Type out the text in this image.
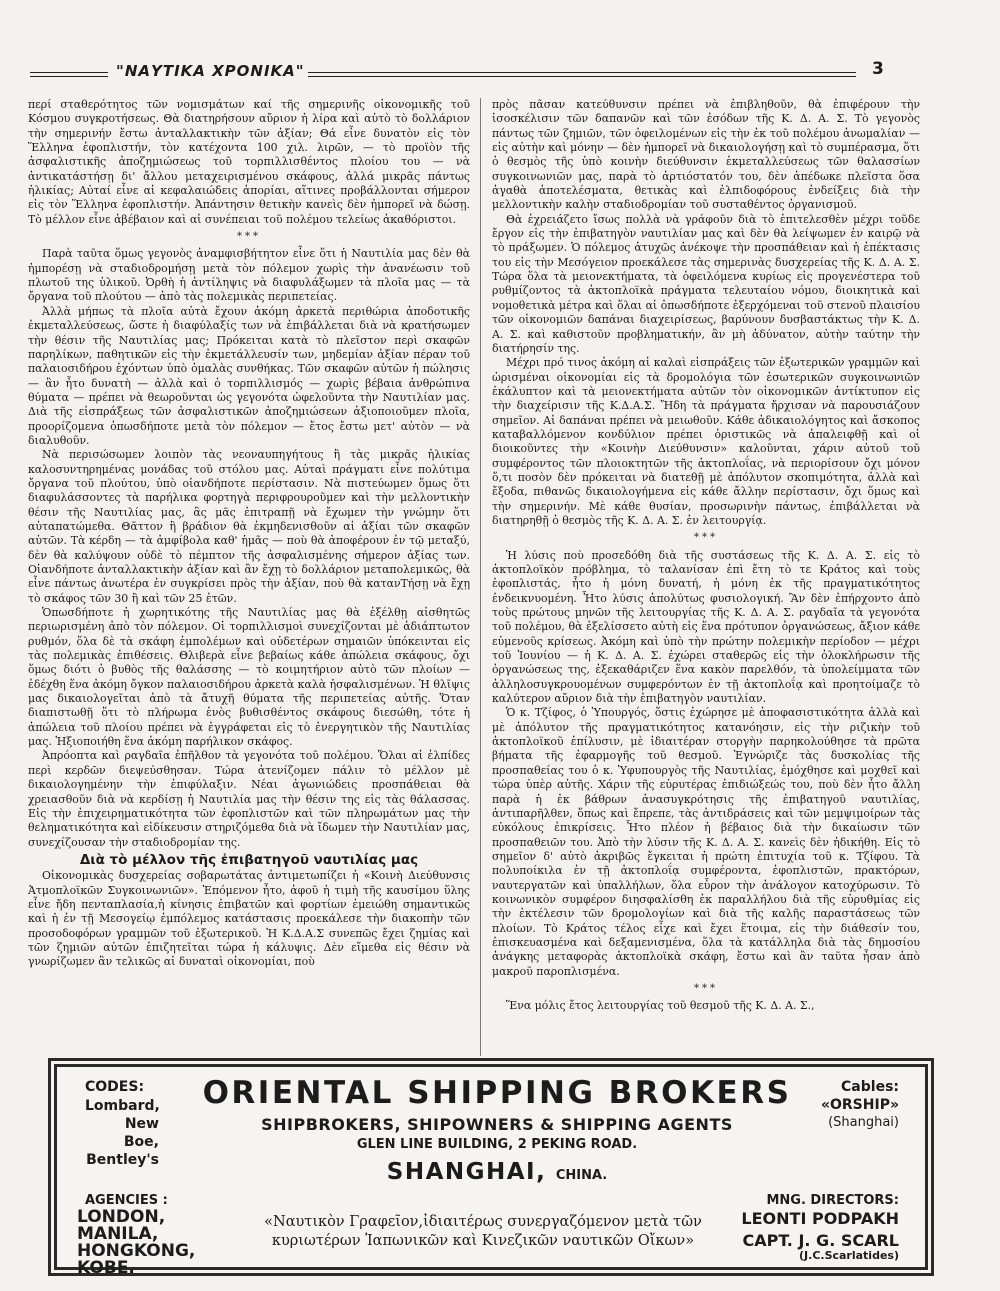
"ΝΑΥΤΙΚΑ ΧΡΟΝΙΚΑ"	3

περί σταθερότητος τῶν νομισμάτων καί τῆς σημερινῆς οἰκονομικῆς τοῦ Κόσμου συγκροτήσεως. Θὰ διατηρήσουν αὔριον ἡ λίρα καὶ αὐτὸ τὸ δολλάριον τὴν σημερινήν ἔστω ἀνταλλακτικὴν τῶν ἀξίαν; Θά εἶνε δυνατὸν εἰς τὸν Ἕλληνα ἐφοπλιστήν, τὸν κατέχοντα 100 χιλ. λιρῶν, — τὸ προϊὸν τῆς ἀσφαλιστικῆς ἀποζημιώσεως τοῦ τορπιλλισθέντος πλοίου του — νὰ ἀντικατάστήσῃ δι' ἄλλου μεταχειρισμένου σκάφους, ἀλλά μικρᾶς πάντως ἡλικίας; Αὐταί εἶνε αἱ κεφαλαιώδεις ἀπορίαι, αἵτινες προβάλλονται σήμερον εἰς τὸν Ἕλληνα ἐφοπλιστήν. Ἀπάντησιν θετικὴν κανεὶς δὲν ἠμπορεῖ νὰ δώσῃ. Τὸ μέλλον εἶνε ἀβέβαιον καὶ αἱ συνέπειαι τοῦ πολέμου τελείως ἀκαθόριστοι.

***

Παρὰ ταῦτα ὅμως γεγονὸς ἀναμφισβήτητον εἶνε ὅτι ἡ Ναυτιλία μας δὲν θὰ ἠμπορέσῃ νὰ σταδιοδρομήσῃ μετὰ τὸν πόλεμον χωρὶς τὴν ἀνανέωσιν τοῦ πλωτοῦ της ὑλικοῦ. Ὀρθὴ ἡ ἀντίληψις νὰ διαφυλάξωμεν τὰ πλοῖα μας — τὰ ὄργανα τοῦ πλούτου — ἀπὸ τὰς πολεμικὰς περιπετείας.

Ἀλλὰ μήπως τὰ πλοῖα αὐτὰ ἔχουν ἀκόμη ἀρκετὰ περιθώρια ἀποδοτικῆς ἐκμεταλλεύσεως, ὥστε ἡ διαφύλαξίς των νὰ ἐπιβάλλεται διὰ νὰ κρατήσωμεν τὴν θέσιν τῆς Ναυτιλίας μας; Πρόκειται κατὰ τὸ πλεῖστον περὶ σκαφῶν παρηλίκων, παθητικῶν εἰς τὴν ἐκμετάλλευσίν των, μηδεμίαν ἀξίαν πέραν τοῦ παλαιοσιδήρου ἐχόντων ὑπὸ ὁμαλὰς συνθήκας. Τῶν σκαφῶν αὐτῶν ἡ πώλησις — ἂν ἦτο δυνατὴ — ἀλλὰ καὶ ὁ τορπιλλισμός — χωρὶς βέβαια ἀνθρώπινα θύματα — πρέπει νὰ θεωροῦνται ὡς γεγονότα ὠφελοῦντα τὴν Ναυτιλίαν μας. Διὰ τῆς εἰσπράξεως τῶν ἀσφαλιστικῶν ἀποζημιώσεων ἀξιοποιοῦμεν πλοῖα, προορίζομενα ὁπωσδήποτε μετὰ τὸν πόλεμον — ἔτος ἔστω μετ' αὐτὸν — νὰ διαλυθοῦν.

Νὰ περισώσωμεν λοιπὸν τὰς νεοναυπηγήτους ἢ τὰς μικρᾶς ἡλικίας καλοσυντηρημένας μονάδας τοῦ στόλου μας. Αὐταὶ πράγματι εἶνε πολύτιμα ὄργανα τοῦ πλούτου, ὑπὸ οἱανδήποτε περίστασιν. Νὰ πιστεύωμεν ὅμως ὅτι διαφυλάσσοντες τὰ παρήλικα φορτηγὰ περιφρουροῦμεν καὶ τὴν μελλοντικὴν θέσιν τῆς Ναυτιλίας μας, ἂς μᾶς ἐπιτραπῇ νὰ ἔχωμεν τὴν γνώμην ὅτι αὐταπατώμεθα. Θᾶττον ἢ βράδιον θὰ ἐκμηδενισθοῦν αἱ ἀξίαι τῶν σκαφῶν αὐτῶν. Τὰ κέρδη — τὰ ἀμφίβολα καθ' ἡμᾶς — ποὺ θὰ ἀποφέρουν ἐν τῷ μεταξύ, δὲν θὰ καλύψουν οὐδὲ τὸ πέμπτον τῆς ἀσφαλισμένης σήμερον ἀξίας των. Οἱανδήποτε ἀνταλλακτικὴν ἀξίαν καὶ ἂν ἔχῃ τὸ δολλάριον μεταπολεμικῶς, θὰ εἶνε πάντως ἀνωτέρα ἐν συγκρίσει πρὸς τὴν ἀξίαν, ποὺ θὰ κατανTήσῃ νὰ ἔχῃ τὸ σκάφος τῶν 30 ἢ καὶ τῶν 25 ἐτῶν.

Ὁπωσδήποτε ἡ χωρητικότης τῆς Ναυτιλίας μας θὰ ἐξέλθῃ αἰσθητῶς περιωρισμένη ἀπὸ τὸν πόλεμον. Οἱ τορπιλλισμοὶ συνεχίζονται μὲ ἀδιάπτωτον ρυθμόν, ὅλα δὲ τὰ σκάφη ἐμπολέμων καὶ οὐδετέρων σημαιῶν ὑπόκεινται εἰς τὰς πολεμικὰς ἐπιθέσεις. Θλιβερὰ εἶνε βεβαίως κάθε ἀπώλεια σκάφους, ὄχι ὅμως διότι ὁ βυθὸς τῆς θαλάσσης — τὸ κοιμητήριον αὐτὸ τῶν πλοίων — ἐδέχθη ἕνα ἀκόμη ὄγκον παλαιοσιδήρου ἀρκετὰ καλὰ ἠσφαλισμένων. Ἡ θλῖψις μας δικαιολογεῖται ἀπὸ τὰ ἄτυχῆ θύματα τῆς περιπετείας αὐτῆς. Ὅταν διαπιστωθῇ ὅτι τὸ πλήρωμα ἑνὸς βυθισθέντος σκάφους διεσώθη, τότε ἡ ἀπώλεια τοῦ πλοίου πρέπει νὰ ἐγγράφεται εἰς τὸ ἐνεργητικὸν τῆς Ναυτιλίας μας. Ἡξιοποιήθη ἕνα ἀκόμη παρήλικον σκάφος.

Ἀπρόοπτα καὶ ραγδαῖα ἐπῆλθον τὰ γεγονότα τοῦ πολέμου. Ὅλαι αἱ ἐλπίδες περὶ κερδῶν διεψεύσθησαν. Τώρα ἀτενίζομεν πάλιν τὸ μέλλον μὲ δικαιολογημένην τὴν ἐπιφύλαξιν. Νέαι ἀγωνιώδεις προσπάθειαι θὰ χρειασθοῦν διὰ νὰ κερδίσῃ ἡ Ναυτιλία μας τὴν θέσιν της εἰς τὰς θάλασσας. Εἰς τὴν ἐπιχειρηματικότητα τῶν ἐφοπλιστῶν καὶ τῶν πληρωμάτων μας τὴν θεληματικότητα καὶ εἰδίκευσιν στηριζόμεθα διὰ νὰ ἴδωμεν τὴν Ναυτιλίαν μας, συνεχίζουσαν τὴν σταδιοδρομίαν της.

Διὰ τὸ μέλλον τῆς ἐπιβατηγοῦ ναυτιλίας μας

Οἰκονομικὰς δυσχερείας σοβαρωτάτας ἀντιμετωπίζει ἡ «Κοινὴ Διεύθυνσις Ἀτμοπλοϊκῶν Συγκοινωνιῶν». Ἐπόμενον ἦτο, ἀφοῦ ἡ τιμὴ τῆς καυσίμου ὕλης εἶνε ἤδη πενταπλασία,ἡ κίνησις ἐπιβατῶν καὶ φορτίων ἐμειώθη σημαντικῶς καὶ ἡ ἐν τῇ Μεσογείῳ ἐμπόλεμος κατάστασις προεκάλεσε τὴν διακοπὴν τῶν προσοδοφόρων γραμμῶν τοῦ ἐξωτερικοῦ. Ἡ Κ.Δ.Α.Σ συνεπῶς ἔχει ζημίας καὶ τῶν ζημιῶν αὐτῶν ἐπιζητεῖται τώρα ἡ κάλυψις. Δὲν εἴμεθα εἰς θέσιν νὰ γνωρίζωμεν ἂν τελικῶς αἱ δυναταὶ οἰκονομίαι, ποὺ

πρὸς πᾶσαν κατεύθυνσιν πρέπει νὰ ἐπιβληθοῦν, θὰ ἐπιφέρουν τὴν ἰσοσκέλισιν τῶν δαπανῶν καὶ τῶν ἐσόδων τῆς Κ. Δ. Α. Σ. Τὸ γεγονὸς πάντως τῶν ζημιῶν, τῶν ὀφειλομένων εἰς τὴν ἐκ τοῦ πολέμου ἀνωμαλίαν — εἰς αὐτὴν καὶ μόνην — δὲν ἠμπορεῖ νὰ δικαιολογήσῃ καὶ τὸ συμπέρασμα, ὅτι ὁ θεσμὸς τῆς ὑπὸ κοινὴν διεύθυνσιν ἐκμεταλλεύσεως τῶν θαλασσίων συγκοινωνιῶν μας, παρὰ τὸ ἀρτιόστατόν του, δὲν ἀπέδωκε πλεῖστα ὅσα ἀγαθὰ ἀποτελέσματα, θετικὰς καὶ ἐλπιδοφόρους ἐνδείξεις διὰ τὴν μελλοντικὴν καλὴν σταδιοδρομίαν τοῦ συσταθέντος ὀργανισμοῦ.

Θὰ ἐχρειάζετο ἴσως πολλὰ νὰ γράφοῦν διὰ τὸ ἐπιτελεσθὲν μέχρι τοῦδε ἔργον εἰς τὴν ἐπιβατηγὸν ναυτιλίαν μας καὶ δὲν θὰ λείψωμεν ἐν καιρῷ νὰ τὸ πράξωμεν. Ὁ πόλεμος ἀτυχῶς ἀνέκοψε τὴν προσπάθειαν καὶ ἡ ἐπέκτασις του εἰς τὴν Μεσόγειον προεκάλεσε τὰς σημερινὰς δυσχερείας τῆς Κ. Δ. Α. Σ. Τώρα ὅλα τὰ μειονεκτήματα, τὰ ὀφειλόμενα κυρίως εἰς προγενέστερα τοῦ ρυθμίζοντος τὰ ἀκτοπλοϊκὰ πράγματα τελευταίου νόμου, διοικητικὰ καὶ νομοθετικὰ μέτρα καὶ ὅλαι αἱ ὁπωσδήποτε ἐξερχόμεναι τοῦ στενοῦ πλαισίου τῶν οἰκονομιῶν δαπάναι διαχειρίσεως, βαρύνουν δυσβαστάκτως τὴν Κ. Δ. Α. Σ. καὶ καθιστοῦν προβληματικήν, ἂν μὴ ἀδύνατον, αὐτὴν ταύτην τὴν διατήρησίν της.

Μέχρι πρό τινος ἀκόμη αἱ καλαὶ εἰσπράξεις τῶν ἐξωτερικῶν γραμμῶν καὶ ὡρισμέναι οἰκονομίαι εἰς τὰ δρομολόγια τῶν ἐσωτερικῶν συγκοινωνιῶν ἐκάλυπτον καὶ τὰ μειονεκτήματα αὐτῶν τὸν οἰκονομικῶν ἀντίκτυπον εἰς τὴν διαχείρισιν τῆς Κ.Δ.Α.Σ. Ἤδη τὰ πράγματα ἤρχισαν νὰ παρουσιάζουν σημεῖον. Αἱ δαπάναι πρέπει νὰ μειωθοῦν. Κάθε ἀδικαιολόγητος καὶ ἄσκοπος καταβαλλόμενον κονδύλιον πρέπει ὁριστικῶς νὰ ἀπαλειφθῇ καὶ οἱ διοικοῦντες τὴν «Κοινὴν Διεύθυνσιν» καλοῦνται, χάριν αὐτοῦ τοῦ συμφέροντος τῶν πλοιοκτητῶν τῆς ἀκτοπλοΐας, νὰ περιορίσουν ὄχι μόνον ὅ,τι ποσὸν δὲν πρόκειται νὰ διατεθῇ μὲ ἀπόλυτον σκοπιμότητα, ἀλλὰ καὶ ἔξοδα, πιθανῶς δικαιολογήμενα εἰς κάθε ἄλλην περίστασιν, ὄχι ὅμως καὶ τὴν σημερινήν. Μὲ κάθε θυσίαν, προσωρινὴν πάντως, ἐπιβάλλεται νὰ διατηρηθῇ ὁ θεσμὸς τῆς Κ. Δ. Α. Σ. ἐν λειτουργίᾳ.

***

Ἡ λύσις ποὺ προσεδόθη διὰ τῆς συστάσεως τῆς Κ. Δ. Α. Σ. εἰς τὸ ἀκτοπλοϊκὸν πρόβλημα, τὸ ταλανίσαν ἐπὶ ἔτη τὸ τε Κράτος καὶ τοὺς ἐφοπλιστάς, ἦτο ἡ μόνη δυνατή, ἡ μόνη ἐκ τῆς πραγματικότητος ἐνδεικνυομένη. Ἦτο λύσις ἀπολύτως φυσιολογική. Ἂν δὲν ἐπήρχοντο ἀπὸ τοὺς πρώτους μηνῶν τῆς λειτουργίας τῆς Κ. Δ. Α. Σ. ραγδαῖα τὰ γεγονότα τοῦ πολέμου, θὰ ἐξελίσσετο αὐτὴ εἰς ἕνα πρότυπον ὀργανώσεως, ἄξιον κάθε εὐμενοῦς κρίσεως. Ἀκόμη καὶ ὑπὸ τὴν πρώτην πολεμικὴν περίοδον — μέχρι τοῦ Ἰουνίου — ἡ Κ. Δ. Α. Σ. ἐχώρει σταθερῶς εἰς τὴν ὁλοκλήρωσιν τῆς ὀργανώσεως της, ἐξεκαθάριζεν ἕνα κακὸν παρελθόν, τὰ ὑπολείμματα τῶν ἀλληλοσυγκρουομένων συμφερόντων ἐν τῇ ἀκτοπλοΐᾳ καὶ προητοίμαζε τὸ καλύτερον αὔριον διὰ τὴν ἐπιβατηγὸν ναυτιλίαν.

Ὁ κ. Τζίφος, ὁ Ὑπουργός, ὅστις ἐχώρησε μὲ ἀποφασιστικότητα ἀλλὰ καὶ μὲ ἀπόλυτον τῆς πραγματικότητος κατανόησιν, εἰς τὴν ριζικὴν τοῦ ἀκτοπλοϊκοῦ ἐπίλυσιν, μὲ ἰδιαιτέραν στοργὴν παρηκολούθησε τὰ πρῶτα βήματα τῆς ἐφαρμογῆς τοῦ θεσμοῦ. Ἐγνώριζε τὰς δυσκολίας τῆς προσπαθείας του ὁ κ. Ὑφυπουργὸς τῆς Ναυτιλίας, ἐμόχθησε καὶ μοχθεῖ καὶ τώρα ὑπὲρ αὐτῆς. Χάριν τῆς εὐρυτέρας ἐπιδιώξεώς του, ποὺ δὲν ἦτο ἄλλη παρὰ ἡ ἐκ βάθρων ἀνασυγκρότησις τῆς ἐπιβατηγοῦ ναυτιλίας, ἀντιπαρῆλθεν, ὅπως καὶ ἔπρεπε, τὰς ἀντιδράσεις καὶ τῶν μεμψιμοίρων τὰς εὐκόλους ἐπικρίσεις. Ἦτο πλέον ἡ βέβαιος διὰ τὴν δικαίωσιν τῶν προσπαθειῶν του. Ἀπὸ τὴν λύσιν τῆς Κ. Δ. Α. Σ. κανεὶς δὲν ἠδικήθη. Εἰς τὸ σημεῖον δ' αὐτὸ ἀκριβῶς ἔγκειται ἡ πρώτη ἐπιτυχία τοῦ κ. Τζίφου. Τὰ πολυποίκιλα ἐν τῇ ἀκτοπλοΐᾳ συμφέροντα, ἐφοπλιστῶν, πρακτόρων, ναυτεργατῶν καὶ ὑπαλλήλων, ὅλα εὗρον τὴν ἀνάλογον κατοχύρωσιν. Τὸ κοινωνικὸν συμφέρον διησφαλίσθη ἐκ παραλλήλου διὰ τῆς εὐρυθμίας εἰς τὴν ἐκτέλεσιν τῶν δρομολογίων καὶ διὰ τῆς καλῆς παραστάσεως τῶν πλοίων. Τὸ Κράτος τέλος εἶχε καὶ ἔχει ἕτοιμα, εἰς τὴν διάθεσίν του, ἐπισκευασμένα καὶ δεξαμενισμένα, ὅλα τὰ κατάλληλα διὰ τὰς δημοσίου ἀνάγκης μεταφορὰς ἀκτοπλοϊκὰ σκάφη, ἔστω καὶ ἂν ταῦτα ἦσαν ἀπὸ μακροῦ παροπλισμένα.

***

Ἕνα μόλις ἔτος λειτουργίας τοῦ θεσμοῦ τῆς Κ. Δ. Α. Σ.,

CODES:
Lombard,
New Boe,
Bentley's
ORIENTAL SHIPPING BROKERS
SHIPBROKERS, SHIPOWNERS & SHIPPING AGENTS
GLEN LINE BUILDING, 2 PEKING ROAD.
SHANGHAI, CHINA.
Cables:
«ORSHIP»
(Shanghai)
AGENCIES :
LONDON,
MANILA,
HONGKONG,
KOBE.
«Ναυτικὸν Γραφεῖον,ἰδιαιτέρως συνεργαζόμενον μετὰ τῶν
κυριωτέρων Ἰαπωνικῶν καὶ Κινεζικῶν ναυτικῶν Οἴκων»
MNG. DIRECTORS:
LEONTI PODPAKH
CAPT. J. G. SCARL
(J.C.Scarlatides)
